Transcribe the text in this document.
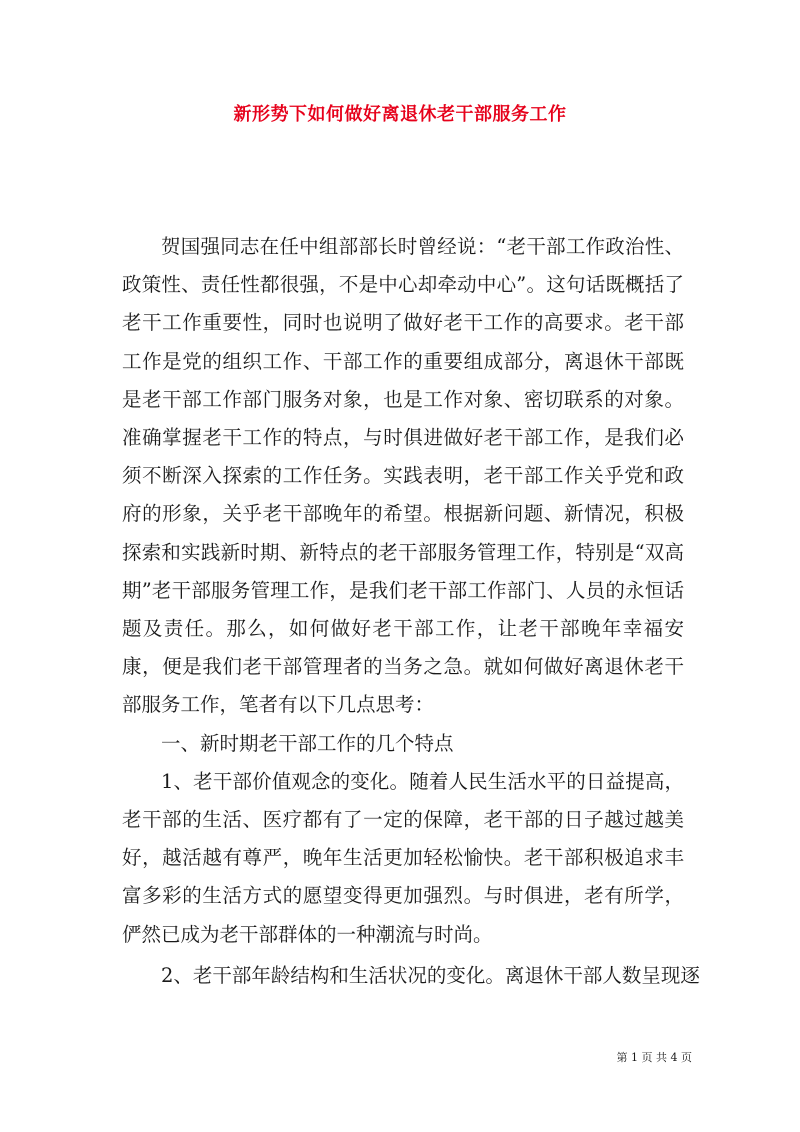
新形势下如何做好离退休老干部服务工作

贺国强同志在任中组部部长时曾经说：“老干部工作政治性、政策性、责任性都很强，不是中心却牵动中心”。这句话既概括了老干工作重要性，同时也说明了做好老干工作的高要求。老干部工作是党的组织工作、干部工作的重要组成部分，离退休干部既是老干部工作部门服务对象，也是工作对象、密切联系的对象。准确掌握老干工作的特点，与时俱进做好老干部工作，是我们必须不断深入探索的工作任务。实践表明，老干部工作关乎党和政府的形象，关乎老干部晚年的希望。根据新问题、新情况，积极探索和实践新时期、新特点的老干部服务管理工作，特别是“双高期”老干部服务管理工作，是我们老干部工作部门、人员的永恒话题及责任。那么，如何做好老干部工作，让老干部晚年幸福安康，便是我们老干部管理者的当务之急。就如何做好离退休老干部服务工作，笔者有以下几点思考：

一、新时期老干部工作的几个特点

1、老干部价值观念的变化。随着人民生活水平的日益提高，老干部的生活、医疗都有了一定的保障，老干部的日子越过越美好，越活越有尊严，晚年生活更加轻松愉快。老干部积极追求丰富多彩的生活方式的愿望变得更加强烈。与时俱进，老有所学，俨然已成为老干部群体的一种潮流与时尚。

2、老干部年龄结构和生活状况的变化。离退休干部人数呈现逐

第 1 页 共 4 页
